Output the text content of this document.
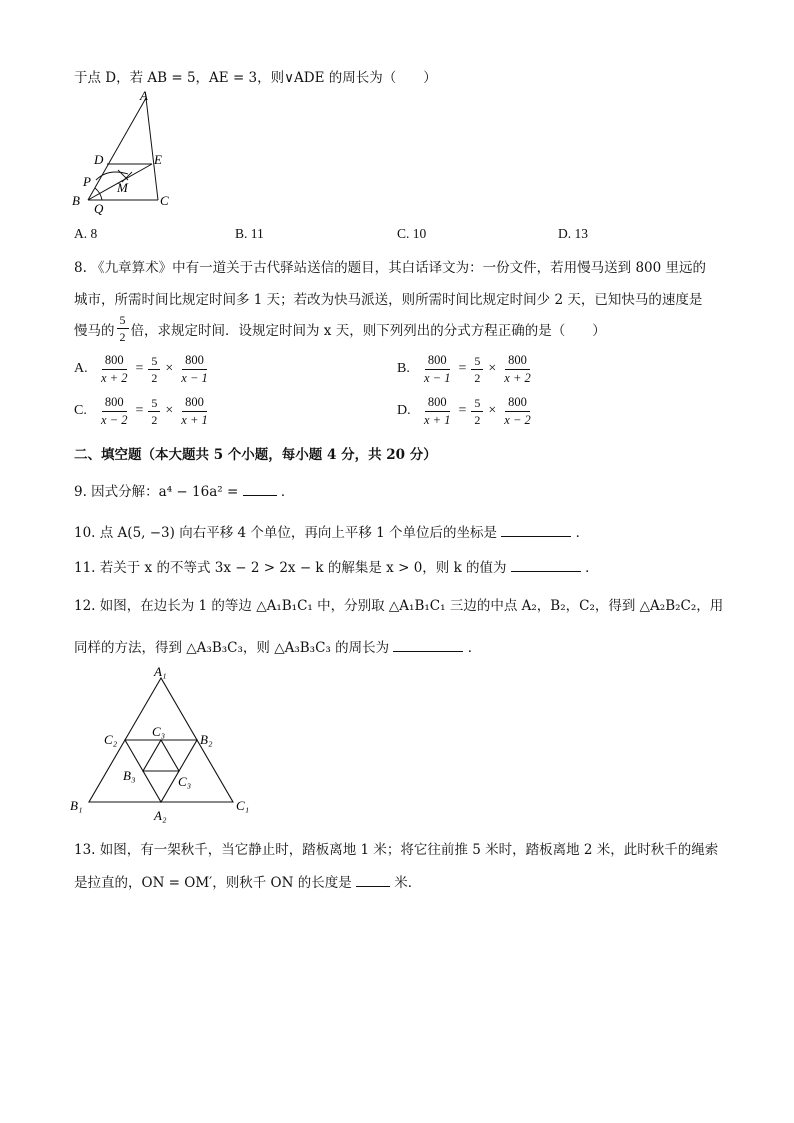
于点 D，若 AB = 5，AE = 3，则∨ADE 的周长为（　　）
A
D	E
P M
B
Q
C
A. 8	B. 11	C. 10	D. 13
8. 《九章算术》中有一道关于古代驿站送信的题目，其白话译文为：一份文件，若用慢马送到 800 里远的
城市，所需时间比规定时间多 1 天；若改为快马派送，则所需时间比规定时间少 2 天，已知快马的速度是
慢马的 $\frac{5}{2}$ 倍，求规定时间．设规定时间为 x 天，则下列列出的分式方程正确的是（　　）
A. $\frac{800}{x + 2} = \frac{5}{2} \times \frac{800}{x - 1}$	B. $\frac{800}{x - 1} = \frac{5}{2} \times \frac{800}{x + 2}$
C. $\frac{800}{x - 2} = \frac{5}{2} \times \frac{800}{x + 1}$	D. $\frac{800}{x + 1} = \frac{5}{2} \times \frac{800}{x - 2}$
二、填空题（本大题共 5 个小题，每小题 4 分，共 20 分）
9. 因式分解：a⁴ − 16a² =	．
10. 点 A(5, −3) 向右平移 4 个单位，再向上平移 1 个单位后的坐标是	．
11. 若关于 x 的不等式 3x − 2 > 2x − k 的解集是 x > 0，则 k 的值为	．
12. 如图，在边长为 1 的等边 △A₁B₁C₁ 中，分别取 △A₁B₁C₁ 三边的中点 A₂，B₂，C₂，得到 △A₂B₂C₂，用
同样的方法，得到 △A₃B₃C₃，则 △A₃B₃C₃ 的周长为	．
A₁
C₂
C₃
B₂
B₃	C₃
B₁
A₂
C₁
13. 如图，有一架秋千，当它静止时，踏板离地 1 米；将它往前推 5 米时，踏板离地 2 米，此时秋千的绳索
是拉直的，ON = OM′，则秋千 ON 的长度是	米．
